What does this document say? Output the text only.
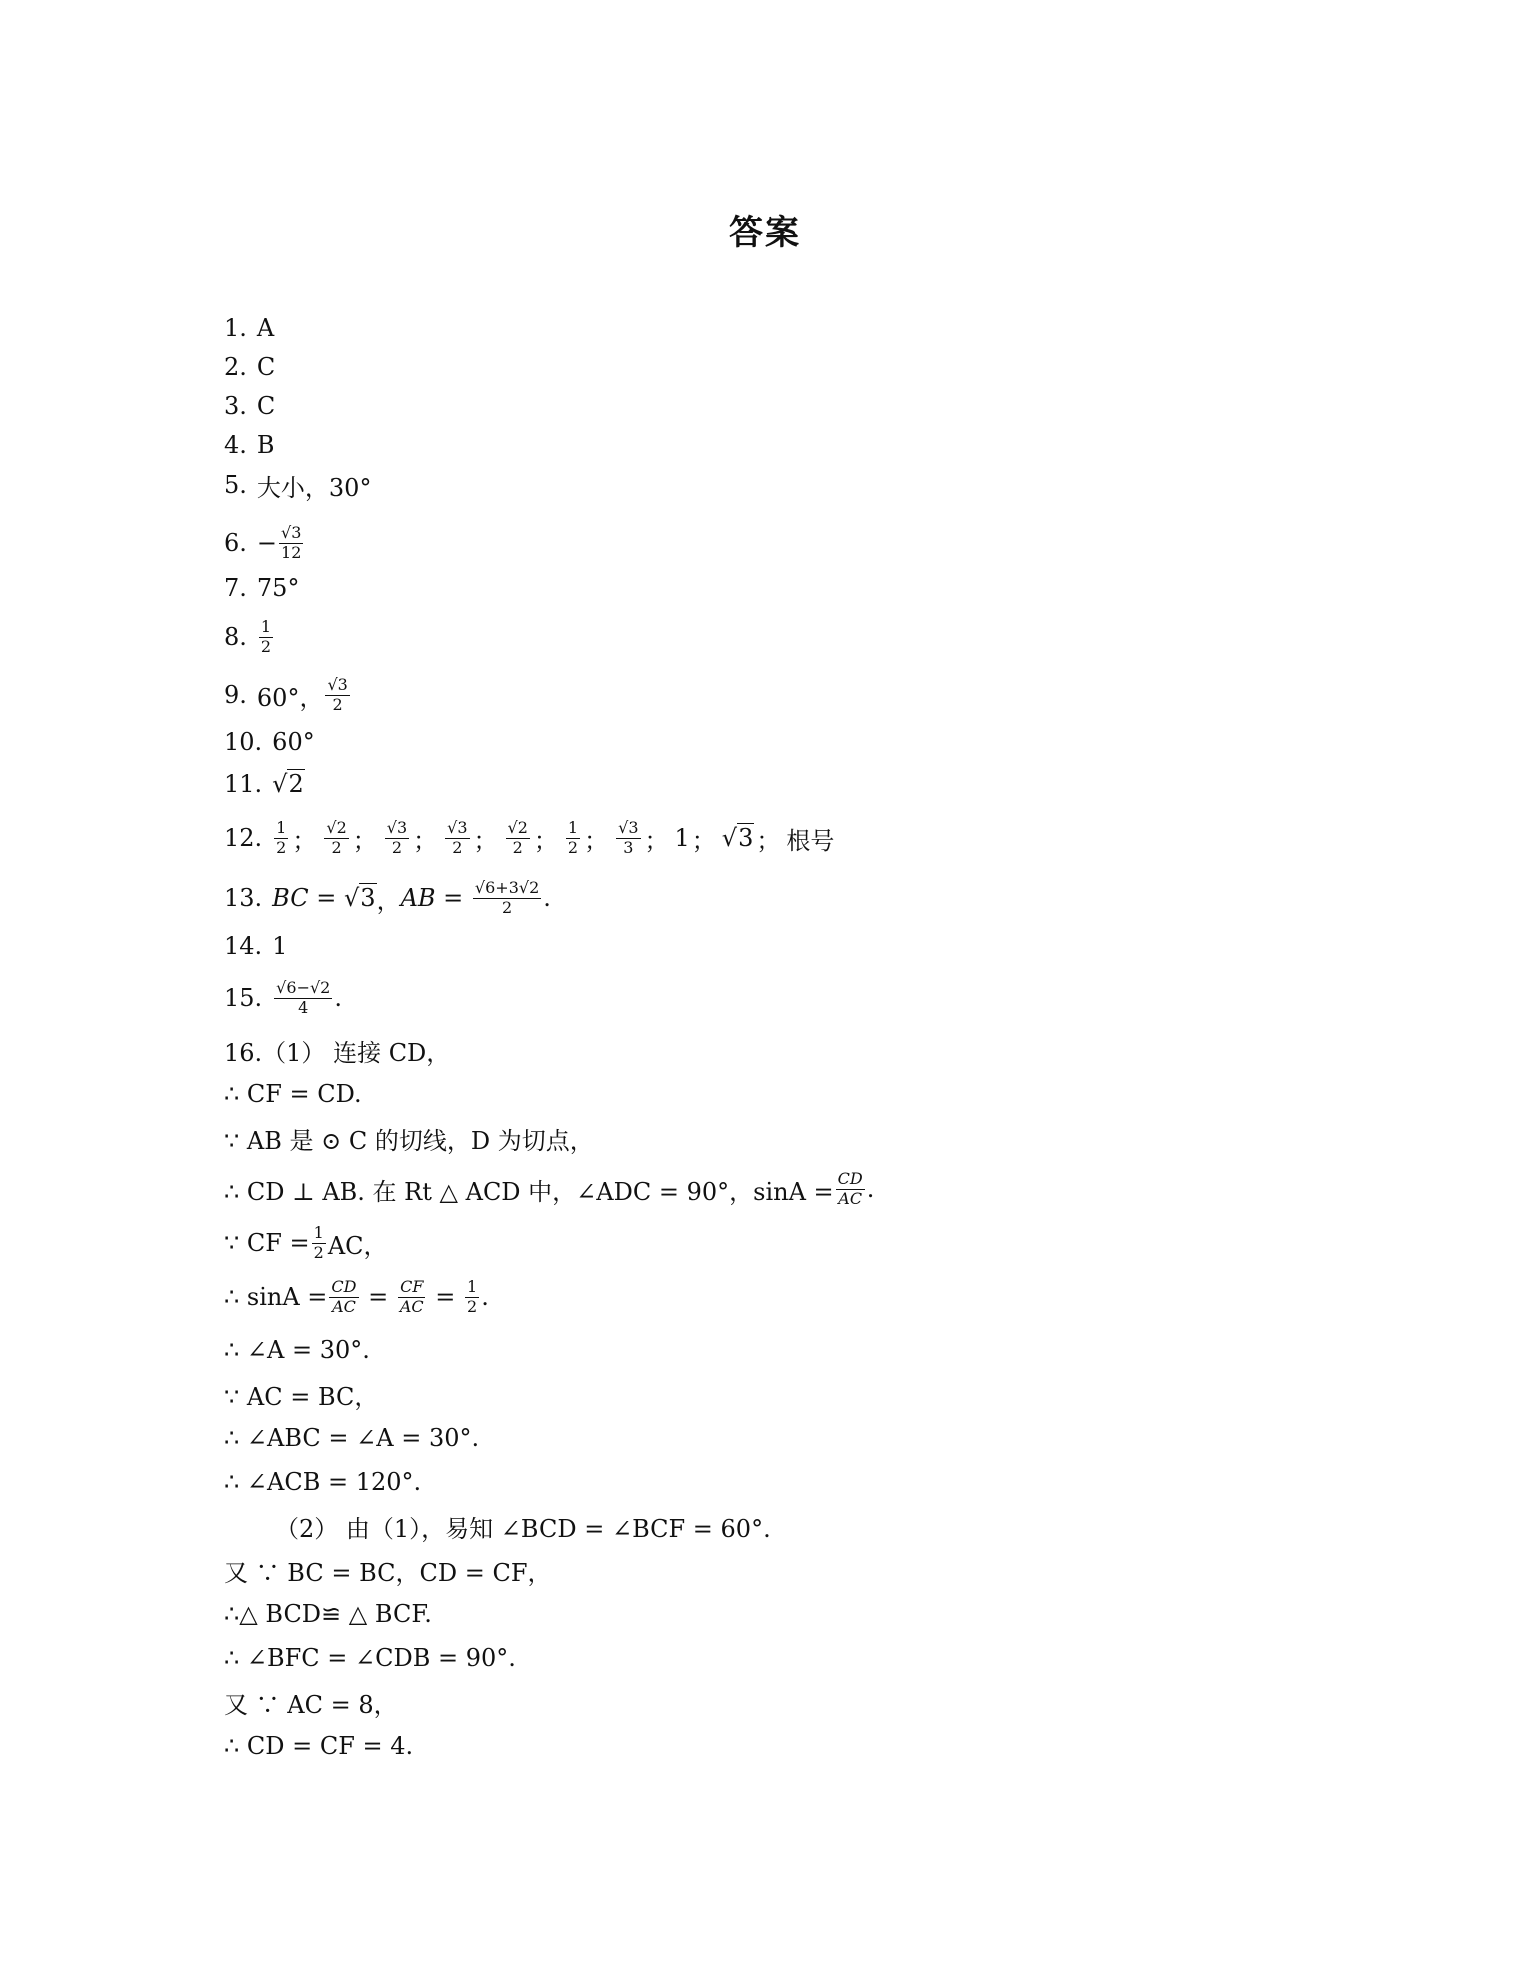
答案
1. A
2. C
3. C
4. B
5. 大小，30°
6. − $\frac{√3}{12}$
7. 75°
8. $\frac{1}{2}$
9. 60°， $\frac{√3}{2}$
10. 60°
11. √2
12. $\frac{1}{2}$ ； $\frac{√2}{2}$ ； $\frac{√3}{2}$ ； $\frac{√3}{2}$ ； $\frac{√2}{2}$ ； $\frac{1}{2}$ ； $\frac{√3}{3}$ ； 1 ； √3 ； 根号
13. BC = √3 ， AB = $\frac{√6+3√2}{2}$ .
14. 1
15. $\frac{√6-√2}{4}$ .
16.（1） 连接 CD，
∴ CF = CD.
∵ AB 是 ⊙ C 的切线，D 为切点，
∴ CD ⊥ AB. 在 Rt △ ACD 中，∠ADC = 90°，$\sin A = \frac{CD}{AC}$ .
∵ CF = $\frac{1}{2}$ AC，
∴ $\sin A = \frac{CD}{AC} = \frac{CF}{AC} = \frac{1}{2}$ .
∴ ∠A = 30°.
∵ AC = BC，
∴ ∠ABC = ∠A = 30°.
∴ ∠ACB = 120°.
（2） 由（1），易知 ∠BCD = ∠BCF = 60°.
又 ∵ BC = BC，CD = CF，
∴△ BCD≌ △ BCF.
∴ ∠BFC = ∠CDB = 90°.
又 ∵ AC = 8，
∴ CD = CF = 4.
